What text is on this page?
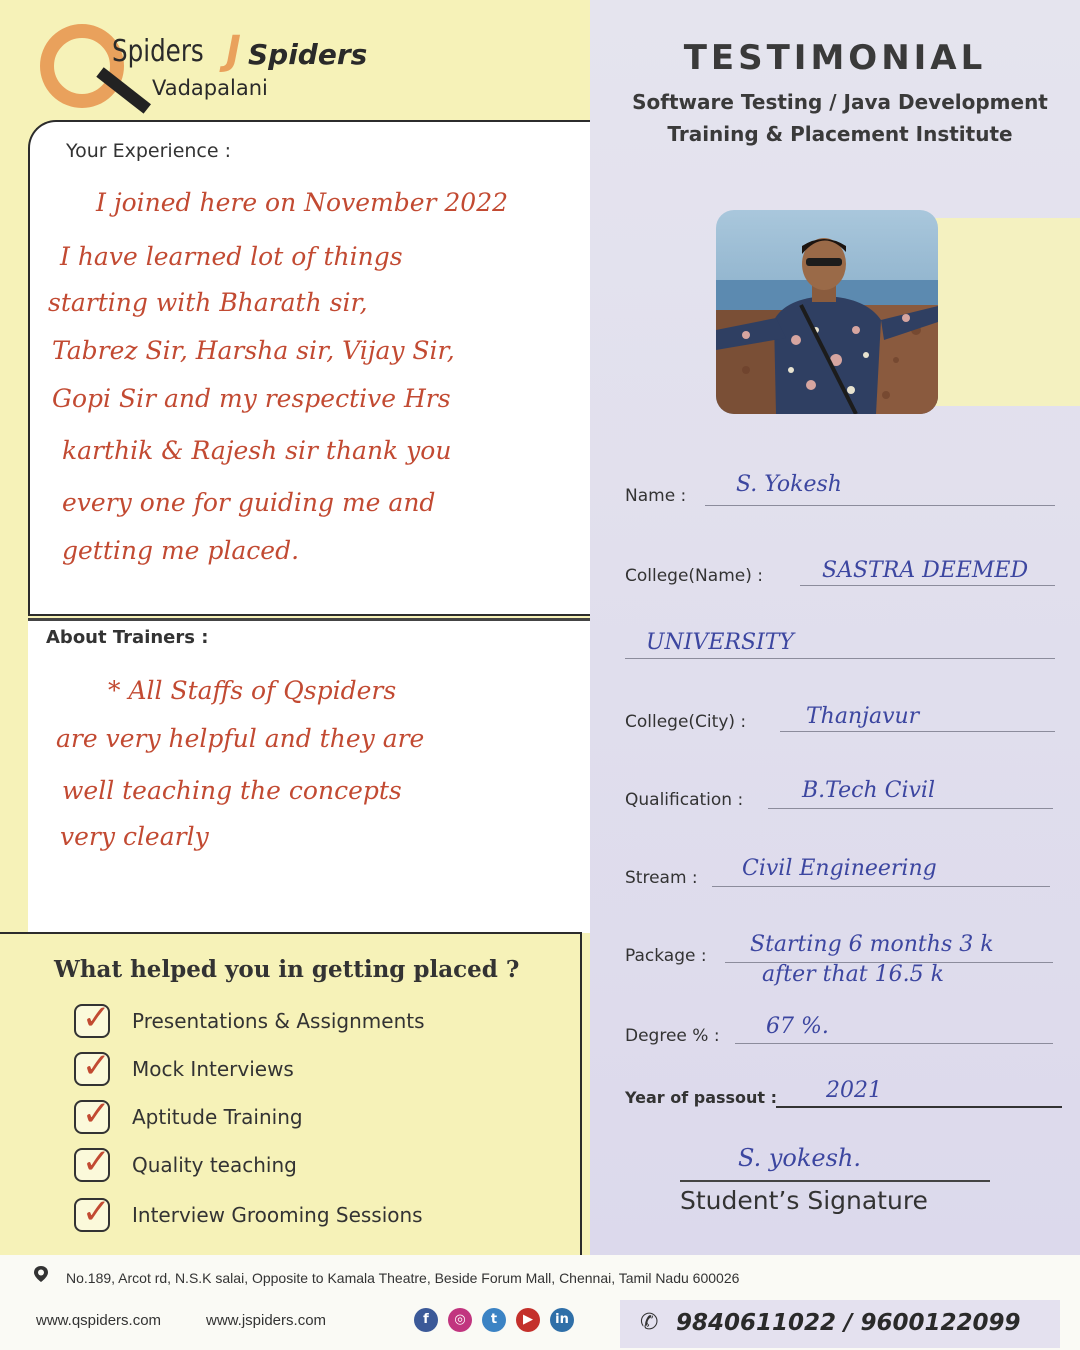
Spiders J Spiders
Vadapalani
TESTIMONIAL
Software Testing / Java Development
Training & Placement Institute
Your Experience :
I joined here on November 2022
I have learned lot of things
starting with Bharath sir,
Tabrez Sir, Harsha sir, Vijay Sir,
Gopi Sir and my respective Hrs
karthik & Rajesh sir thank you
every one for guiding me and
getting me placed.
About Trainers :
* All Staffs of Qspiders
are very helpful and they are
well teaching the concepts
very clearly
What helped you in getting placed ?
✓ Presentations & Assignments
✓ Mock Interviews
✓ Aptitude Training
✓ Quality teaching
✓ Interview Grooming Sessions
Name : S. Yokesh
College(Name) :	SASTRA DEEMED
UNIVERSITY
College(City) :	Thanjavur
Qualification :	B.Tech Civil
Stream : Civil Engineering
Package : Starting 6 months 3 k
after that 16.5 k
Degree % : 67 %.
Year of passout : 2021
S. yokesh.
Student’s Signature
No.189, Arcot rd, N.S.K salai, Opposite to Kamala Theatre, Beside Forum Mall, Chennai, Tamil Nadu 600026
www.qspiders.com	www.jspiders.com	f	◎	t	▶	in	✆ 9840611022 / 9600122099
